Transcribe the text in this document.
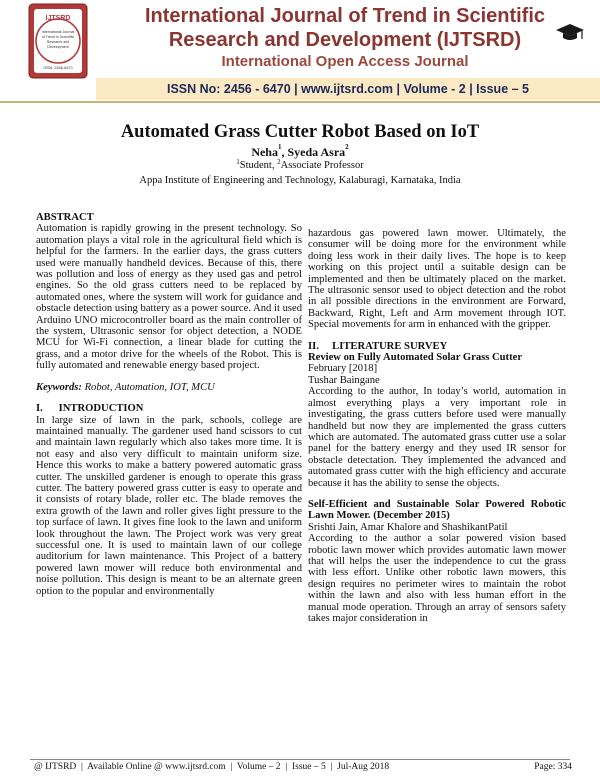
IJTSRD
International Journal
of Trend in Scientific
Research and
Development
ISSN: 2456-6470
International Journal of Trend in Scientific
Research and Development (IJTSRD)
International Open Access Journal
ISSN No: 2456 - 6470 | www.ijtsrd.com | Volume - 2 | Issue – 5
Automated Grass Cutter Robot Based on IoT
Neha$^1$, Syeda Asra$^2$
$^1$Student, $^2$Associate Professor
Appa Institute of Engineering and Technology, Kalaburagi, Karnataka, India

ABSTRACT

Automation is rapidly growing in the present technology. So automation plays a vital role in the agricultural field which is helpful for the farmers. In the earlier days, the grass cutters used were manually handheld devices. Because of this, there was pollution and loss of energy as they used gas and petrol engines. So the old grass cutters need to be replaced by automated ones, where the system will work for guidance and obstacle detection using battery as a power source. And it used Arduino UNO microcontroller board as the main controller of the system, Ultrasonic sensor for object detection, a NODE MCU for Wi-Fi connection, a linear blade for cutting the grass, and a motor drive for the wheels of the Robot. This is fully automated and renewable energy based project.

Keywords: Robot, Automation, IOT, MCU

I.      INTRODUCTION

In large size of lawn in the park, schools, college are maintained manually. The gardener used hand scissors to cut and maintain lawn regularly which also takes more time. It is not easy and also very difficult to maintain uniform size. Hence this works to make a battery powered automatic grass cutter. The unskilled gardener is enough to operate this grass cutter. The battery powered grass cutter is easy to operate and it consists of rotary blade, roller etc. The blade removes the extra growth of the lawn and roller gives light pressure to the top surface of lawn. It gives fine look to the lawn and uniform look throughout the lawn. The Project work was very great successful one. It is used to maintain lawn of our college auditorium for lawn maintenance. This Project of a battery powered lawn mower will reduce both environmental and noise pollution. This design is meant to be an alternate green option to the popular and environmentally

hazardous gas powered lawn mower. Ultimately, the consumer will be doing more for the environment while doing less work in their daily lives. The hope is to keep working on this project until a suitable design can be implemented and then be ultimately placed on the market. The ultrasonic sensor used to object detection and the robot in all possible directions in the environment are Forward, Backward, Right, Left and Arm movement through IOT. Special movements for arm in enhanced with the gripper.

II.     LITERATURE SURVEY

Review on Fully Automated Solar Grass Cutter

February [2018]

Tushar Baingane

According to the author, In today’s world, automation in almost everything plays a very important role in investigating, the grass cutters before used were manually handheld but now they are implemented the grass cutters which are automated. The automated grass cutter use a solar panel for the battery energy and they used IR sensor for obstacle detectation. They implemented the advanced and automated grass cutter with the high efficiency and accurate because it has the ability to sense the objects.

Self-Efficient and Sustainable Solar Powered Robotic Lawn Mower. (December 2015)

Srishti Jain, Amar Khalore and ShashikantPatil

According to the author a solar powered vision based robotic lawn mower which provides automatic lawn mower that will helps the user the independence to cut the grass with less effort. Unlike other robotic lawn mowers, this design requires no perimeter wires to maintain the robot within the lawn and also with less human effort in the manual mode operation. Through an array of sensors safety takes major consideration in

@ IJTSRD  |  Available Online @ www.ijtsrd.com  |  Volume – 2  |  Issue – 5  |  Jul-Aug 2018	Page: 334
